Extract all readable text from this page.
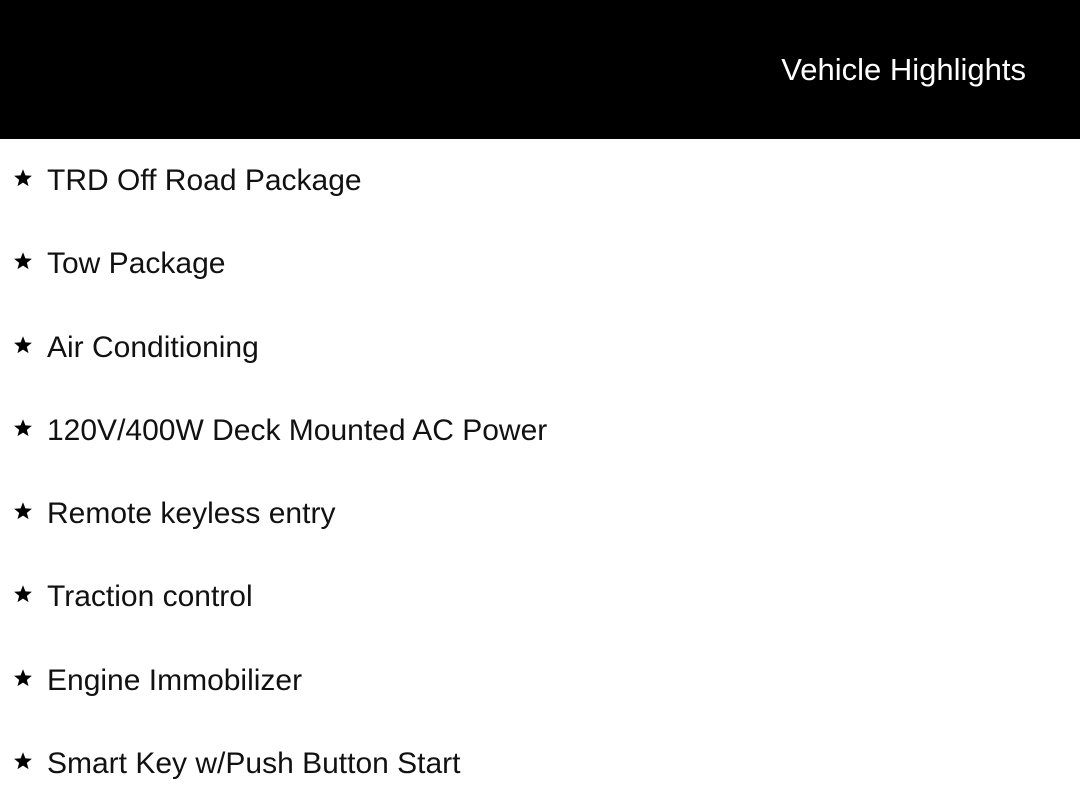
Vehicle Highlights
TRD Off Road Package
Tow Package
Air Conditioning
120V/400W Deck Mounted AC Power
Remote keyless entry
Traction control
Engine Immobilizer
Smart Key w/Push Button Start
